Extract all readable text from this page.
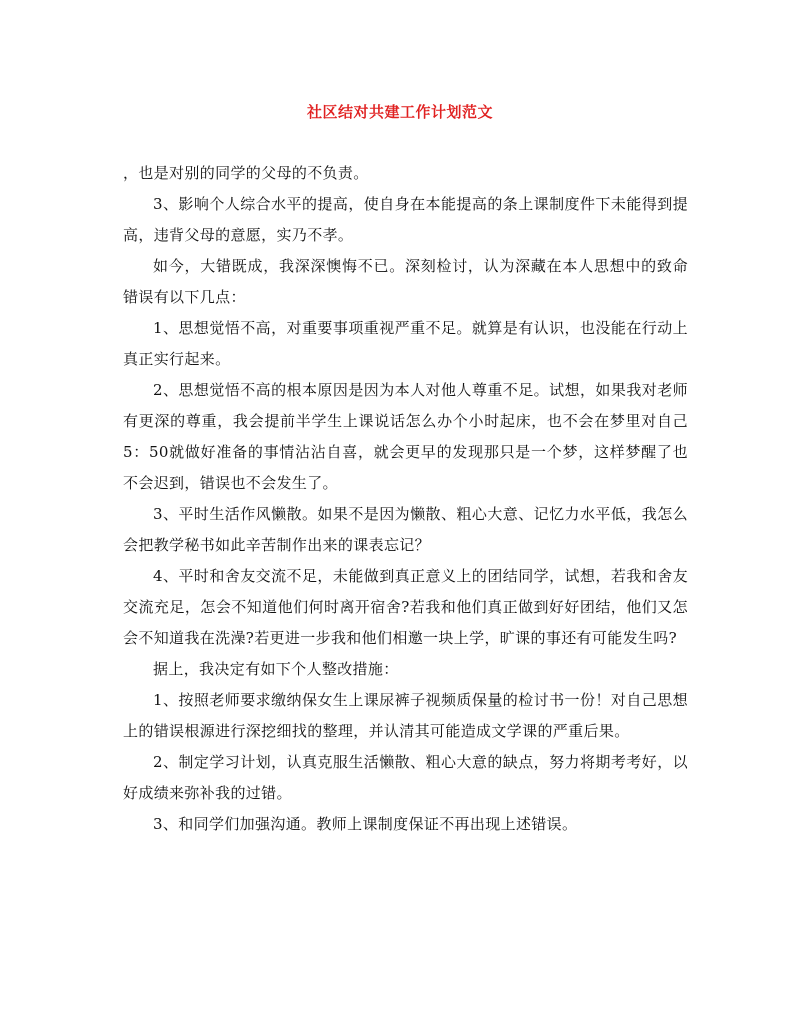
社区结对共建工作计划范文

，也是对别的同学的父母的不负责。

3、影响个人综合水平的提高，使自身在本能提高的条上课制度件下未能得到提高，违背父母的意愿，实乃不孝。

如今，大错既成，我深深懊悔不已。深刻检讨，认为深藏在本人思想中的致命错误有以下几点：

1、思想觉悟不高，对重要事项重视严重不足。就算是有认识，也没能在行动上真正实行起来。

2、思想觉悟不高的根本原因是因为本人对他人尊重不足。试想，如果我对老师有更深的尊重，我会提前半学生上课说话怎么办个小时起床，也不会在梦里对自己5：50就做好准备的事情沾沾自喜，就会更早的发现那只是一个梦，这样梦醒了也不会迟到，错误也不会发生了。

3、平时生活作风懒散。如果不是因为懒散、粗心大意、记忆力水平低，我怎么会把教学秘书如此辛苦制作出来的课表忘记？

4、平时和舍友交流不足，未能做到真正意义上的团结同学，试想，若我和舍友交流充足，怎会不知道他们何时离开宿舍?若我和他们真正做到好好团结，他们又怎会不知道我在洗澡?若更进一步我和他们相邀一块上学，旷课的事还有可能发生吗?

据上，我决定有如下个人整改措施：

1、按照老师要求缴纳保女生上课尿裤子视频质保量的检讨书一份！对自己思想上的错误根源进行深挖细找的整理，并认清其可能造成文学课的严重后果。

2、制定学习计划，认真克服生活懒散、粗心大意的缺点，努力将期考考好，以好成绩来弥补我的过错。

3、和同学们加强沟通。教师上课制度保证不再出现上述错误。
